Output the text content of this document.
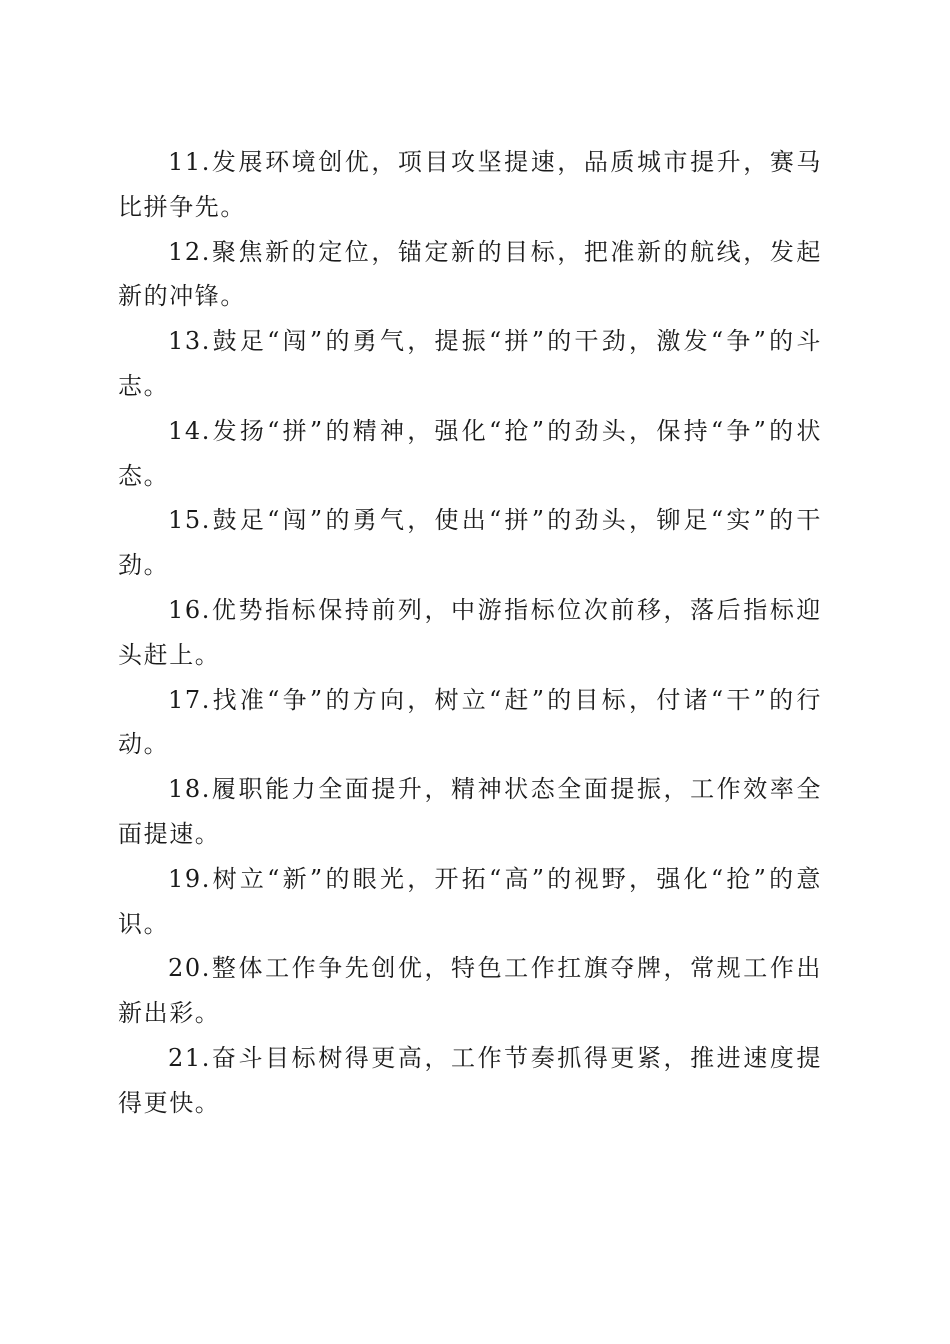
11.发展环境创优，项目攻坚提速，品质城市提升，赛马比拼争先。

12.聚焦新的定位，锚定新的目标，把准新的航线，发起新的冲锋。

13.鼓足“闯”的勇气，提振“拼”的干劲，激发“争”的斗志。

14.发扬“拼”的精神，强化“抢”的劲头，保持“争”的状态。

15.鼓足“闯”的勇气，使出“拼”的劲头，铆足“实”的干劲。

16.优势指标保持前列，中游指标位次前移，落后指标迎头赶上。

17.找准“争”的方向，树立“赶”的目标，付诸“干”的行动。

18.履职能力全面提升，精神状态全面提振，工作效率全面提速。

19.树立“新”的眼光，开拓“高”的视野，强化“抢”的意识。

20.整体工作争先创优，特色工作扛旗夺牌，常规工作出新出彩。

21.奋斗目标树得更高，工作节奏抓得更紧，推进速度提得更快。
